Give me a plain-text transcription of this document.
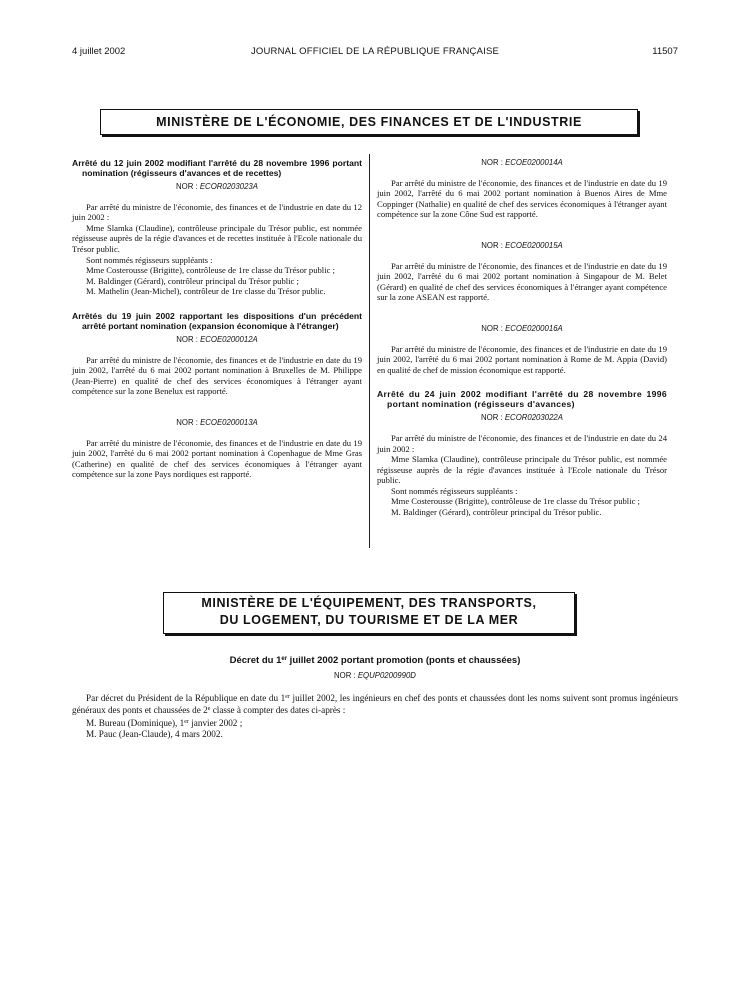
4 juillet 2002	JOURNAL OFFICIEL DE LA RÉPUBLIQUE FRANÇAISE	11507
MINISTÈRE DE L'ÉCONOMIE, DES FINANCES ET DE L'INDUSTRIE
Arrêté du 12 juin 2002 modifiant l'arrêté du 28 novembre 1996 portant nomination (régisseurs d'avances et de recettes)
NOR : ECOR0203023A

Par arrêté du ministre de l'économie, des finances et de l'industrie en date du 12 juin 2002 :

Mme Slamka (Claudine), contrôleuse principale du Trésor public, est nommée régisseuse auprès de la régie d'avances et de recettes instituée à l'Ecole nationale du Trésor public.

Sont nommés régisseurs suppléants :

Mme Costerousse (Brigitte), contrôleuse de 1re classe du Trésor public ;

M. Baldinger (Gérard), contrôleur principal du Trésor public ;

M. Mathelin (Jean-Michel), contrôleur de 1re classe du Trésor public.

Arrêtés du 19 juin 2002 rapportant les dispositions d'un précédent arrêté portant nomination (expansion économique à l'étranger)
NOR : ECOE0200012A

Par arrêté du ministre de l'économie, des finances et de l'industrie en date du 19 juin 2002, l'arrêté du 6 mai 2002 portant nomination à Bruxelles de M. Philippe (Jean-Pierre) en qualité de chef des services économiques à l'étranger ayant compétence sur la zone Benelux est rapporté.

NOR : ECOE0200013A

Par arrêté du ministre de l'économie, des finances et de l'industrie en date du 19 juin 2002, l'arrêté du 6 mai 2002 portant nomination à Copenhague de Mme Gras (Catherine) en qualité de chef des services économiques à l'étranger ayant compétence sur la zone Pays nordiques est rapporté.

NOR : ECOE0200014A

Par arrêté du ministre de l'économie, des finances et de l'industrie en date du 19 juin 2002, l'arrêté du 6 mai 2002 portant nomination à Buenos Aires de Mme Coppinger (Nathalie) en qualité de chef des services économiques à l'étranger ayant compétence sur la zone Cône Sud est rapporté.

NOR : ECOE0200015A

Par arrêté du ministre de l'économie, des finances et de l'industrie en date du 19 juin 2002, l'arrêté du 6 mai 2002 portant nomination à Singapour de M. Belet (Gérard) en qualité de chef des services économiques à l'étranger ayant compétence sur la zone ASEAN est rapporté.

NOR : ECOE0200016A

Par arrêté du ministre de l'économie, des finances et de l'industrie en date du 19 juin 2002, l'arrêté du 6 mai 2002 portant nomination à Rome de M. Appia (David) en qualité de chef de mission économique est rapporté.

Arrêté du 24 juin 2002 modifiant l'arrêté du 28 novembre 1996 portant nomination (régisseurs d'avances)
NOR : ECOR0203022A

Par arrêté du ministre de l'économie, des finances et de l'industrie en date du 24 juin 2002 :

Mme Slamka (Claudine), contrôleuse principale du Trésor public, est nommée régisseuse auprès de la régie d'avances instituée à l'Ecole nationale du Trésor public.

Sont nommés régisseurs suppléants :

Mme Costerousse (Brigitte), contrôleuse de 1re classe du Trésor public ;

M. Baldinger (Gérard), contrôleur principal du Trésor public.

MINISTÈRE DE L'ÉQUIPEMENT, DES TRANSPORTS,
DU LOGEMENT, DU TOURISME ET DE LA MER
Décret du 1er juillet 2002 portant promotion (ponts et chaussées)
NOR : EQUP0200990D

Par décret du Président de la République en date du 1er juillet 2002, les ingénieurs en chef des ponts et chaussées dont les noms suivent sont promus ingénieurs généraux des ponts et chaussées de 2e classe à compter des dates ci-après :

M. Bureau (Dominique), 1er janvier 2002 ;

M. Pauc (Jean-Claude), 4 mars 2002.
